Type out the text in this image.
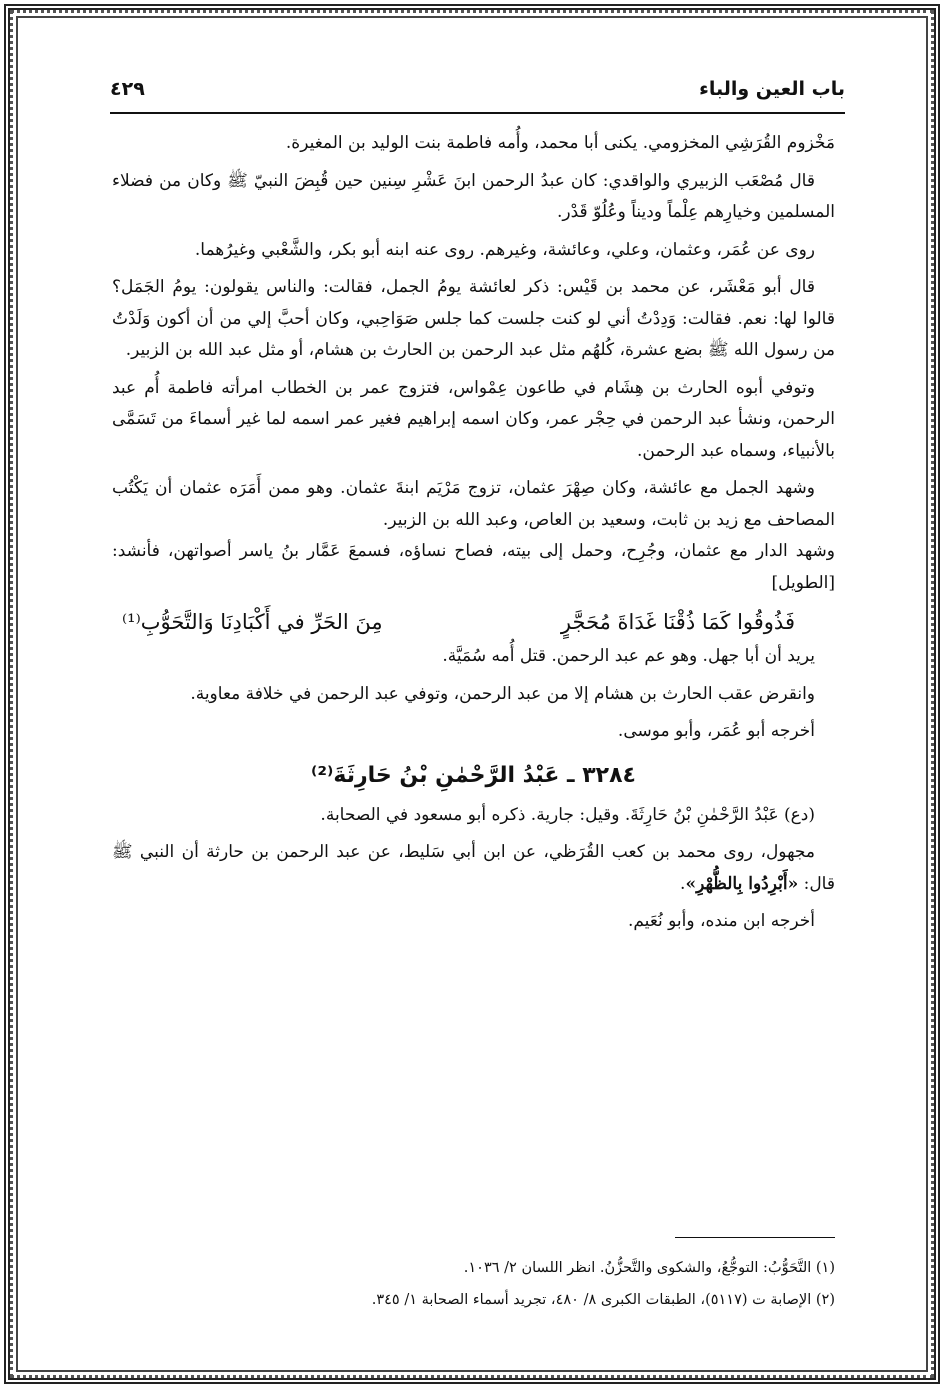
باب العين والباء
٤٢٩

مَخْزوم القُرَشِي المخزومي. يكنى أبا محمد، وأُمه فاطمة بنت الوليد بن المغيرة.

قال مُصْعَب الزبيري والواقدي: كان عبدُ الرحمن ابنَ عَشْرِ سِنين حين قُبِضَ النبيّ ﷺ وكان من فضلاء المسلمين وخيارِهم عِلْماً وديناً وعُلُوّ قَدْر.

روى عن عُمَر، وعثمان، وعلي، وعائشة، وغيرهم. روى عنه ابنه أبو بكر، والشَّعْبي وغيرُهما.

قال أبو مَعْشَر، عن محمد بن قَيْس: ذكر لعائشة يومُ الجمل، فقالت: والناس يقولون: يومُ الجَمَل؟ قالوا لها: نعم. فقالت: وَدِدْتُ أني لو كنت جلست كما جلس صَوَاحِبي، وكان أحبَّ إلي من أن أكون وَلَدْتُ من رسول الله ﷺ بضع عشرة، كُلهُم مثل عبد الرحمن بن الحارث بن هشام، أو مثل عبد الله بن الزبير.

وتوفي أبوه الحارث بن هِشَام في طاعون عِمْواس، فتزوج عمر بن الخطاب امرأته فاطمة أُم عبد الرحمن، ونشأ عبد الرحمن في حِجْر عمر، وكان اسمه إبراهيم فغير عمر اسمه لما غير أسماءَ من تَسَمَّى بالأنبياء، وسماه عبد الرحمن.

وشهد الجمل مع عائشة، وكان صِهْرَ عثمان، تزوج مَرْيَم ابنةَ عثمان. وهو ممن أَمَرَه عثمان أن يَكْتُب المصاحف مع زيد بن ثابت، وسعيد بن العاص، وعبد الله بن الزبير.

وشهد الدار مع عثمان، وجُرِح، وحمل إلى بيته، فصاح نساؤه، فسمعَ عَمَّار بنُ ياسر أصواتهن، فأنشد: [الطويل]

فَذُوقُوا كَمَا ذُقْنَا غَدَاةَ مُحَجَّرٍ
مِنَ الحَرِّ في أَكْبَادِنَا وَالتَّحَوُّبِ⁽¹⁾

يريد أن أبا جهل. وهو عم عبد الرحمن. قتل أُمه سُمَيَّة.

وانقرض عقب الحارث بن هشام إلا من عبد الرحمن، وتوفي عبد الرحمن في خلافة معاوية.

أخرجه أبو عُمَر، وأبو موسى.

٣٢٨٤ ـ عَبْدُ الرَّحْمٰنِ بْنُ حَارِثَةَ⁽²⁾

(دع) عَبْدُ الرَّحْمٰنِ بْنُ حَارِثَةَ. وقيل: جارية. ذكره أبو مسعود في الصحابة.

مجهول، روى محمد بن كعب القُرَظي، عن ابن أبي سَليط، عن عبد الرحمن بن حارثة أن النبي ﷺ قال: «أَبْرِدُوا بِالظُّهْرِ».

أخرجه ابن منده، وأبو نُعَيم.

(١) التَّحَوُّبُ: التوجُّعُ، والشكوى والتَّحزُّنُ. انظر اللسان ٢/ ١٠٣٦.
(٢) الإصابة ت (٥١١٧)، الطبقات الكبرى ٨/ ٤٨٠، تجريد أسماء الصحابة ١/ ٣٤٥.
